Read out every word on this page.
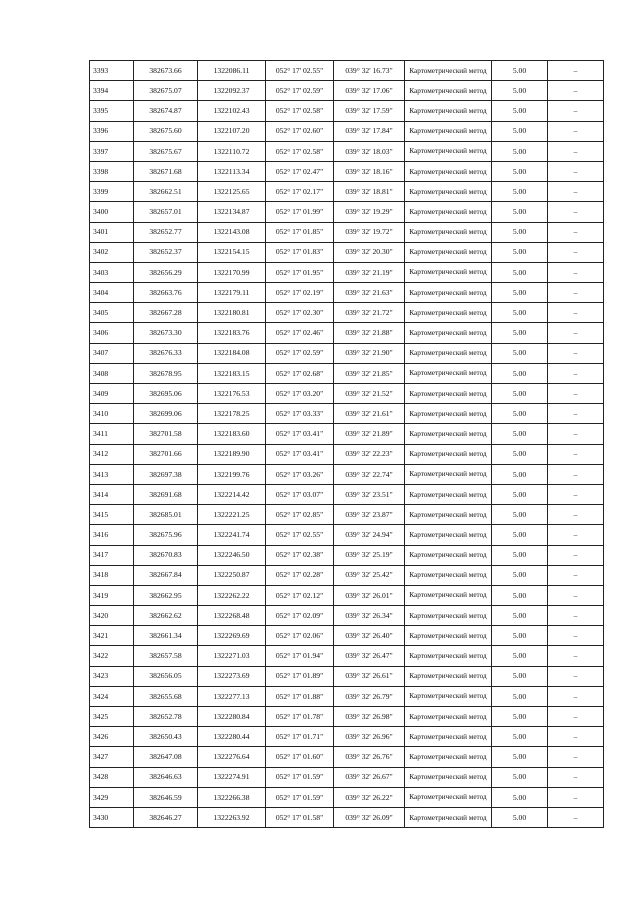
3393	382673.66	1322086.11	052° 17' 02.55"	039° 32' 16.73"	Картометрический метод	5.00	–
3394	382675.07	1322092.37	052° 17' 02.59"	039° 32' 17.06"	Картометрический метод	5.00	–
3395	382674.87	1322102.43	052° 17' 02.58"	039° 32' 17.59"	Картометрический метод	5.00	–
3396	382675.60	1322107.20	052° 17' 02.60"	039° 32' 17.84"	Картометрический метод	5.00	–
3397	382675.67	1322110.72	052° 17' 02.58"	039° 32' 18.03"	Картометрический метод	5.00	–
3398	382671.68	1322113.34	052° 17' 02.47"	039° 32' 18.16"	Картометрический метод	5.00	–
3399	382662.51	1322125.65	052° 17' 02.17"	039° 32' 18.81"	Картометрический метод	5.00	–
3400	382657.01	1322134.87	052° 17' 01.99"	039° 32' 19.29"	Картометрический метод	5.00	–
3401	382652.77	1322143.08	052° 17' 01.85"	039° 32' 19.72"	Картометрический метод	5.00	–
3402	382652.37	1322154.15	052° 17' 01.83"	039° 32' 20.30"	Картометрический метод	5.00	–
3403	382656.29	1322170.99	052° 17' 01.95"	039° 32' 21.19"	Картометрический метод	5.00	–
3404	382663.76	1322179.11	052° 17' 02.19"	039° 32' 21.63"	Картометрический метод	5.00	–
3405	382667.28	1322180.81	052° 17' 02.30"	039° 32' 21.72"	Картометрический метод	5.00	–
3406	382673.30	1322183.76	052° 17' 02.46"	039° 32' 21.88"	Картометрический метод	5.00	–
3407	382676.33	1322184.08	052° 17' 02.59"	039° 32' 21.90"	Картометрический метод	5.00	–
3408	382678.95	1322183.15	052° 17' 02.68"	039° 32' 21.85"	Картометрический метод	5.00	–
3409	382695.06	1322176.53	052° 17' 03.20"	039° 32' 21.52"	Картометрический метод	5.00	–
3410	382699.06	1322178.25	052° 17' 03.33"	039° 32' 21.61"	Картометрический метод	5.00	–
3411	382701.58	1322183.60	052° 17' 03.41"	039° 32' 21.89"	Картометрический метод	5.00	–
3412	382701.66	1322189.90	052° 17' 03.41"	039° 32' 22.23"	Картометрический метод	5.00	–
3413	382697.38	1322199.76	052° 17' 03.26"	039° 32' 22.74"	Картометрический метод	5.00	–
3414	382691.68	1322214.42	052° 17' 03.07"	039° 32' 23.51"	Картометрический метод	5.00	–
3415	382685.01	1322221.25	052° 17' 02.85"	039° 32' 23.87"	Картометрический метод	5.00	–
3416	382675.96	1322241.74	052° 17' 02.55"	039° 32' 24.94"	Картометрический метод	5.00	–
3417	382670.83	1322246.50	052° 17' 02.38"	039° 32' 25.19"	Картометрический метод	5.00	–
3418	382667.84	1322250.87	052° 17' 02.28"	039° 32' 25.42"	Картометрический метод	5.00	–
3419	382662.95	1322262.22	052° 17' 02.12"	039° 32' 26.01"	Картометрический метод	5.00	–
3420	382662.62	1322268.48	052° 17' 02.09"	039° 32' 26.34"	Картометрический метод	5.00	–
3421	382661.34	1322269.69	052° 17' 02.06"	039° 32' 26.40"	Картометрический метод	5.00	–
3422	382657.58	1322271.03	052° 17' 01.94"	039° 32' 26.47"	Картометрический метод	5.00	–
3423	382656.05	1322273.69	052° 17' 01.89"	039° 32' 26.61"	Картометрический метод	5.00	–
3424	382655.68	1322277.13	052° 17' 01.88"	039° 32' 26.79"	Картометрический метод	5.00	–
3425	382652.78	1322280.84	052° 17' 01.78"	039° 32' 26.98"	Картометрический метод	5.00	–
3426	382650.43	1322280.44	052° 17' 01.71"	039° 32' 26.96"	Картометрический метод	5.00	–
3427	382647.08	1322276.64	052° 17' 01.60"	039° 32' 26.76"	Картометрический метод	5.00	–
3428	382646.63	1322274.91	052° 17' 01.59"	039° 32' 26.67"	Картометрический метод	5.00	–
3429	382646.59	1322266.38	052° 17' 01.59"	039° 32' 26.22"	Картометрический метод	5.00	–
3430	382646.27	1322263.92	052° 17' 01.58"	039° 32' 26.09"	Картометрический метод	5.00	–
